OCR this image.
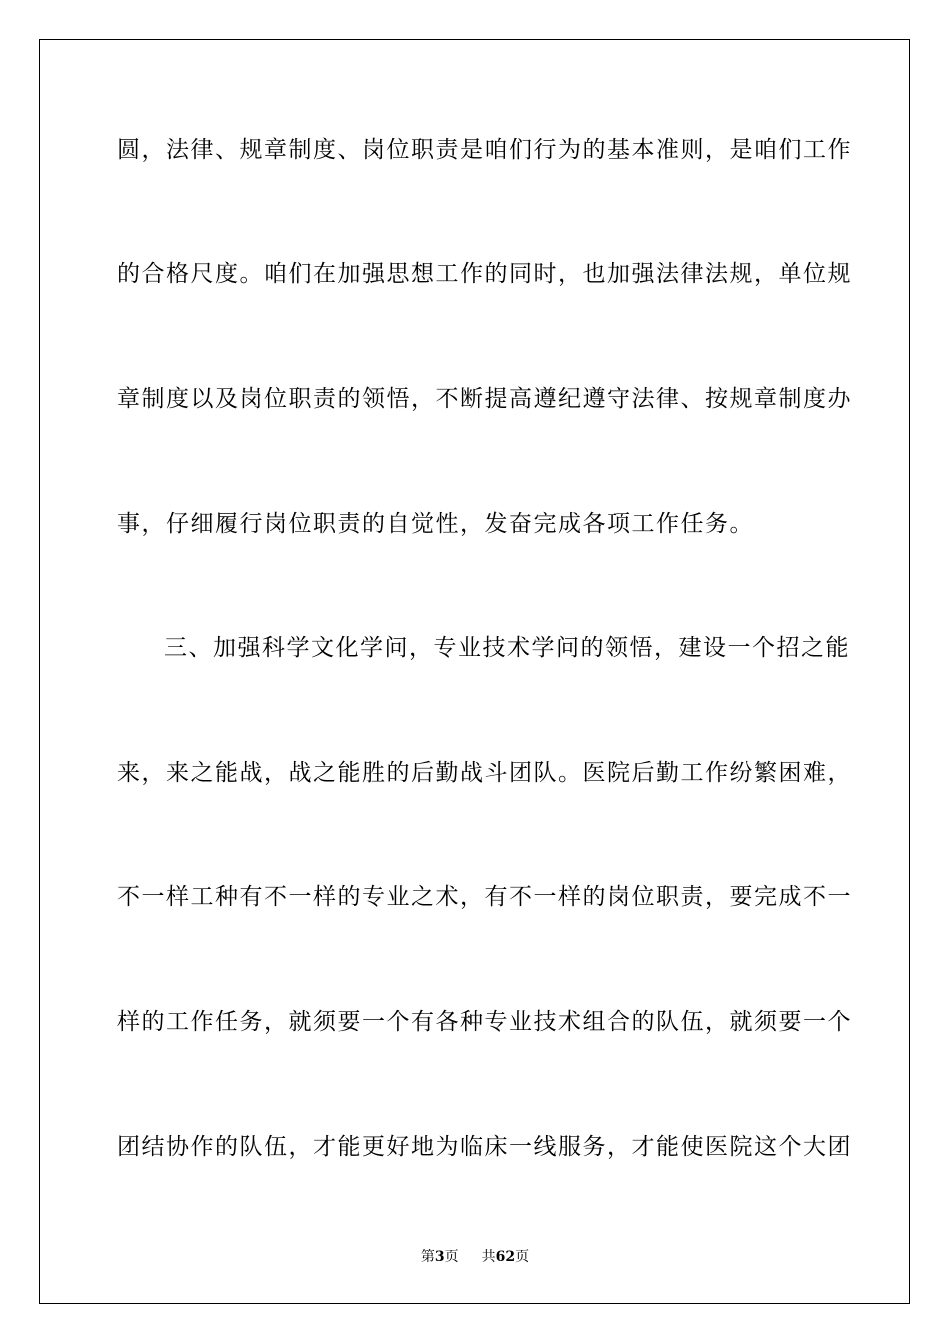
圆，法律、规章制度、岗位职责是咱们行为的基本准则，是咱们工作
的合格尺度。咱们在加强思想工作的同时，也加强法律法规，单位规
章制度以及岗位职责的领悟，不断提高遵纪遵守法律、按规章制度办
事，仔细履行岗位职责的自觉性，发奋完成各项工作任务。
三、加强科学文化学问，专业技术学问的领悟，建设一个招之能
来，来之能战，战之能胜的后勤战斗团队。医院后勤工作纷繁困难，
不一样工种有不一样的专业之术，有不一样的岗位职责，要完成不一
样的工作任务，就须要一个有各种专业技术组合的队伍，就须要一个
团结协作的队伍，才能更好地为临床一线服务，才能使医院这个大团
第3页 共62页
